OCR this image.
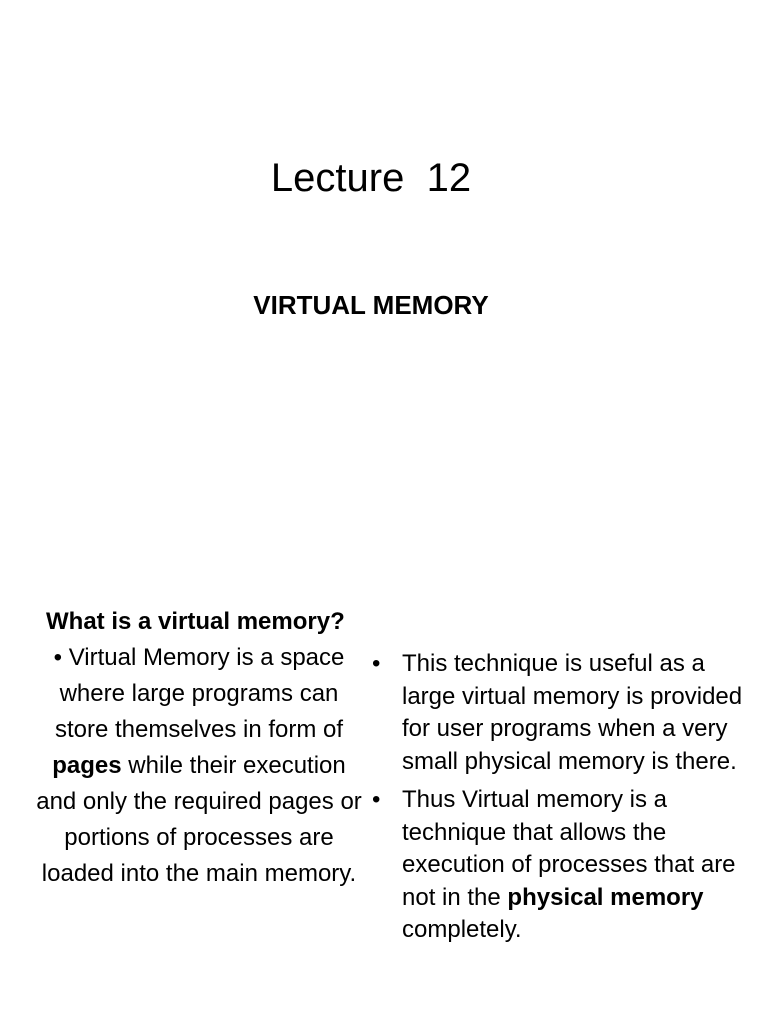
Lecture  12
VIRTUAL MEMORY

What is a virtual memory?

• Virtual Memory is a space where large programs can store themselves in form of pages while their execution and only the required pages or portions of processes are loaded into the main memory.

• This technique is useful as a large virtual memory is provided for user programs when a very small physical memory is there.
• Thus Virtual memory is a technique that allows the execution of processes that are not in the physical memory completely.
